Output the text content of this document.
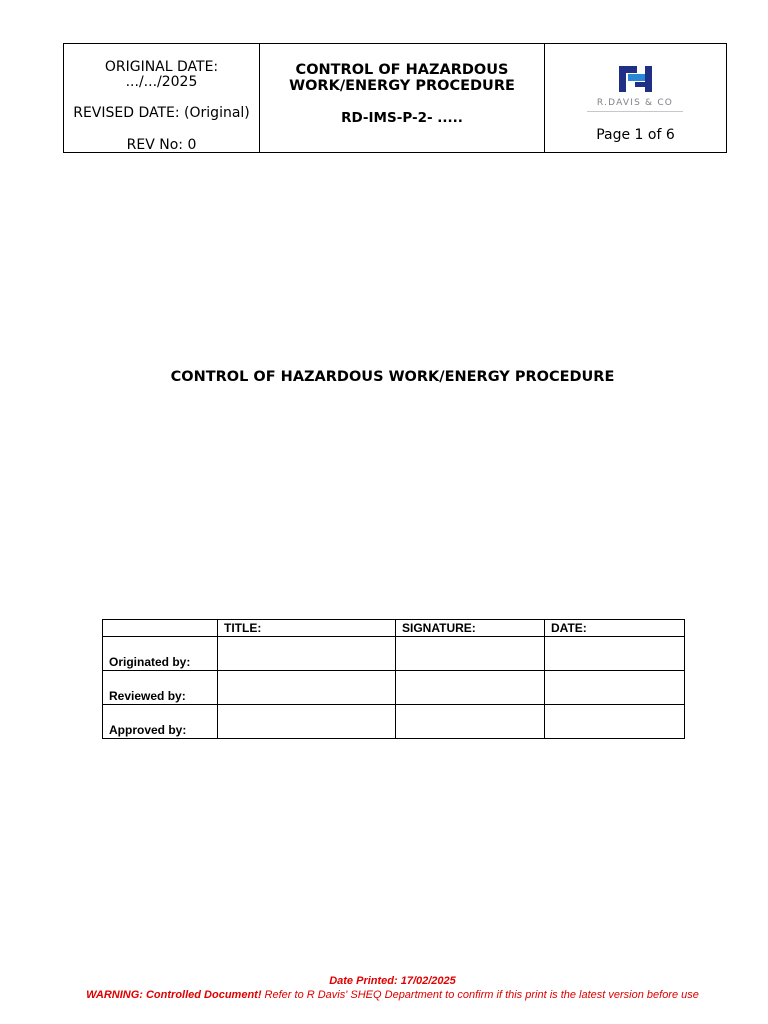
ORIGINAL DATE: .../.../2025
REVISED DATE: (Original)
REV No: 0

CONTROL OF HAZARDOUS WORK/ENERGY PROCEDURE
RD-IMS-P-2- .....

R.DAVIS & CO
Page 1 of 6
CONTROL OF HAZARDOUS WORK/ENERGY PROCEDURE
	TITLE:	SIGNATURE:	DATE:
Originated by:			
Reviewed by:			
Approved by:			
Date Printed: 17/02/2025
WARNING: Controlled Document! Refer to R Davis' SHEQ Department to confirm if this print is the latest version before use
